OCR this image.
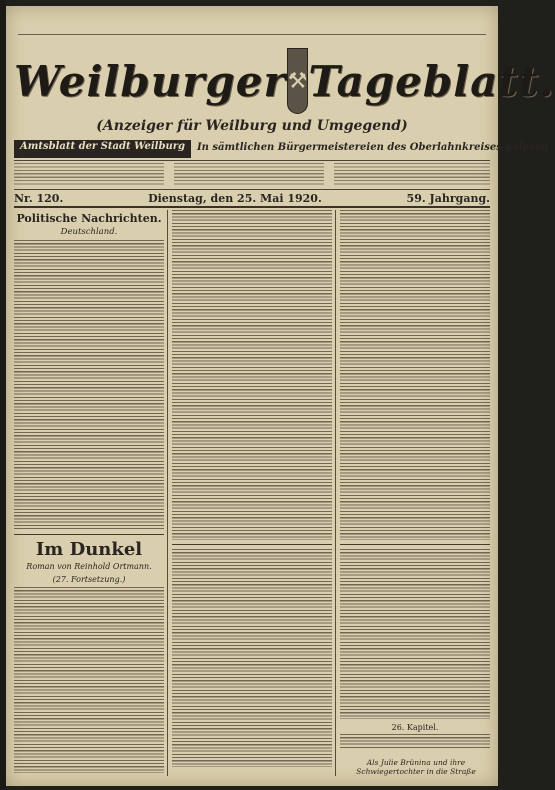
Weilburger ⚒ Tageblatt.
(Anzeiger für Weilburg und Umgegend)
Amtsblatt der Stadt Weilburg	In sämtlichen Bürgermeistereien des Oberlahnkreises gelesen
Nr. 120.	Dienstag, den 25. Mai 1920.	59. Jahrgang.
Politische Nachrichten.
Deutschland.
Im Dunkel
Roman von Reinhold Ortmann.
(27. Fortsetzung.)
26. Kapitel.
Als Julie Brünina und ihre Schwiegertochter in die Straße
